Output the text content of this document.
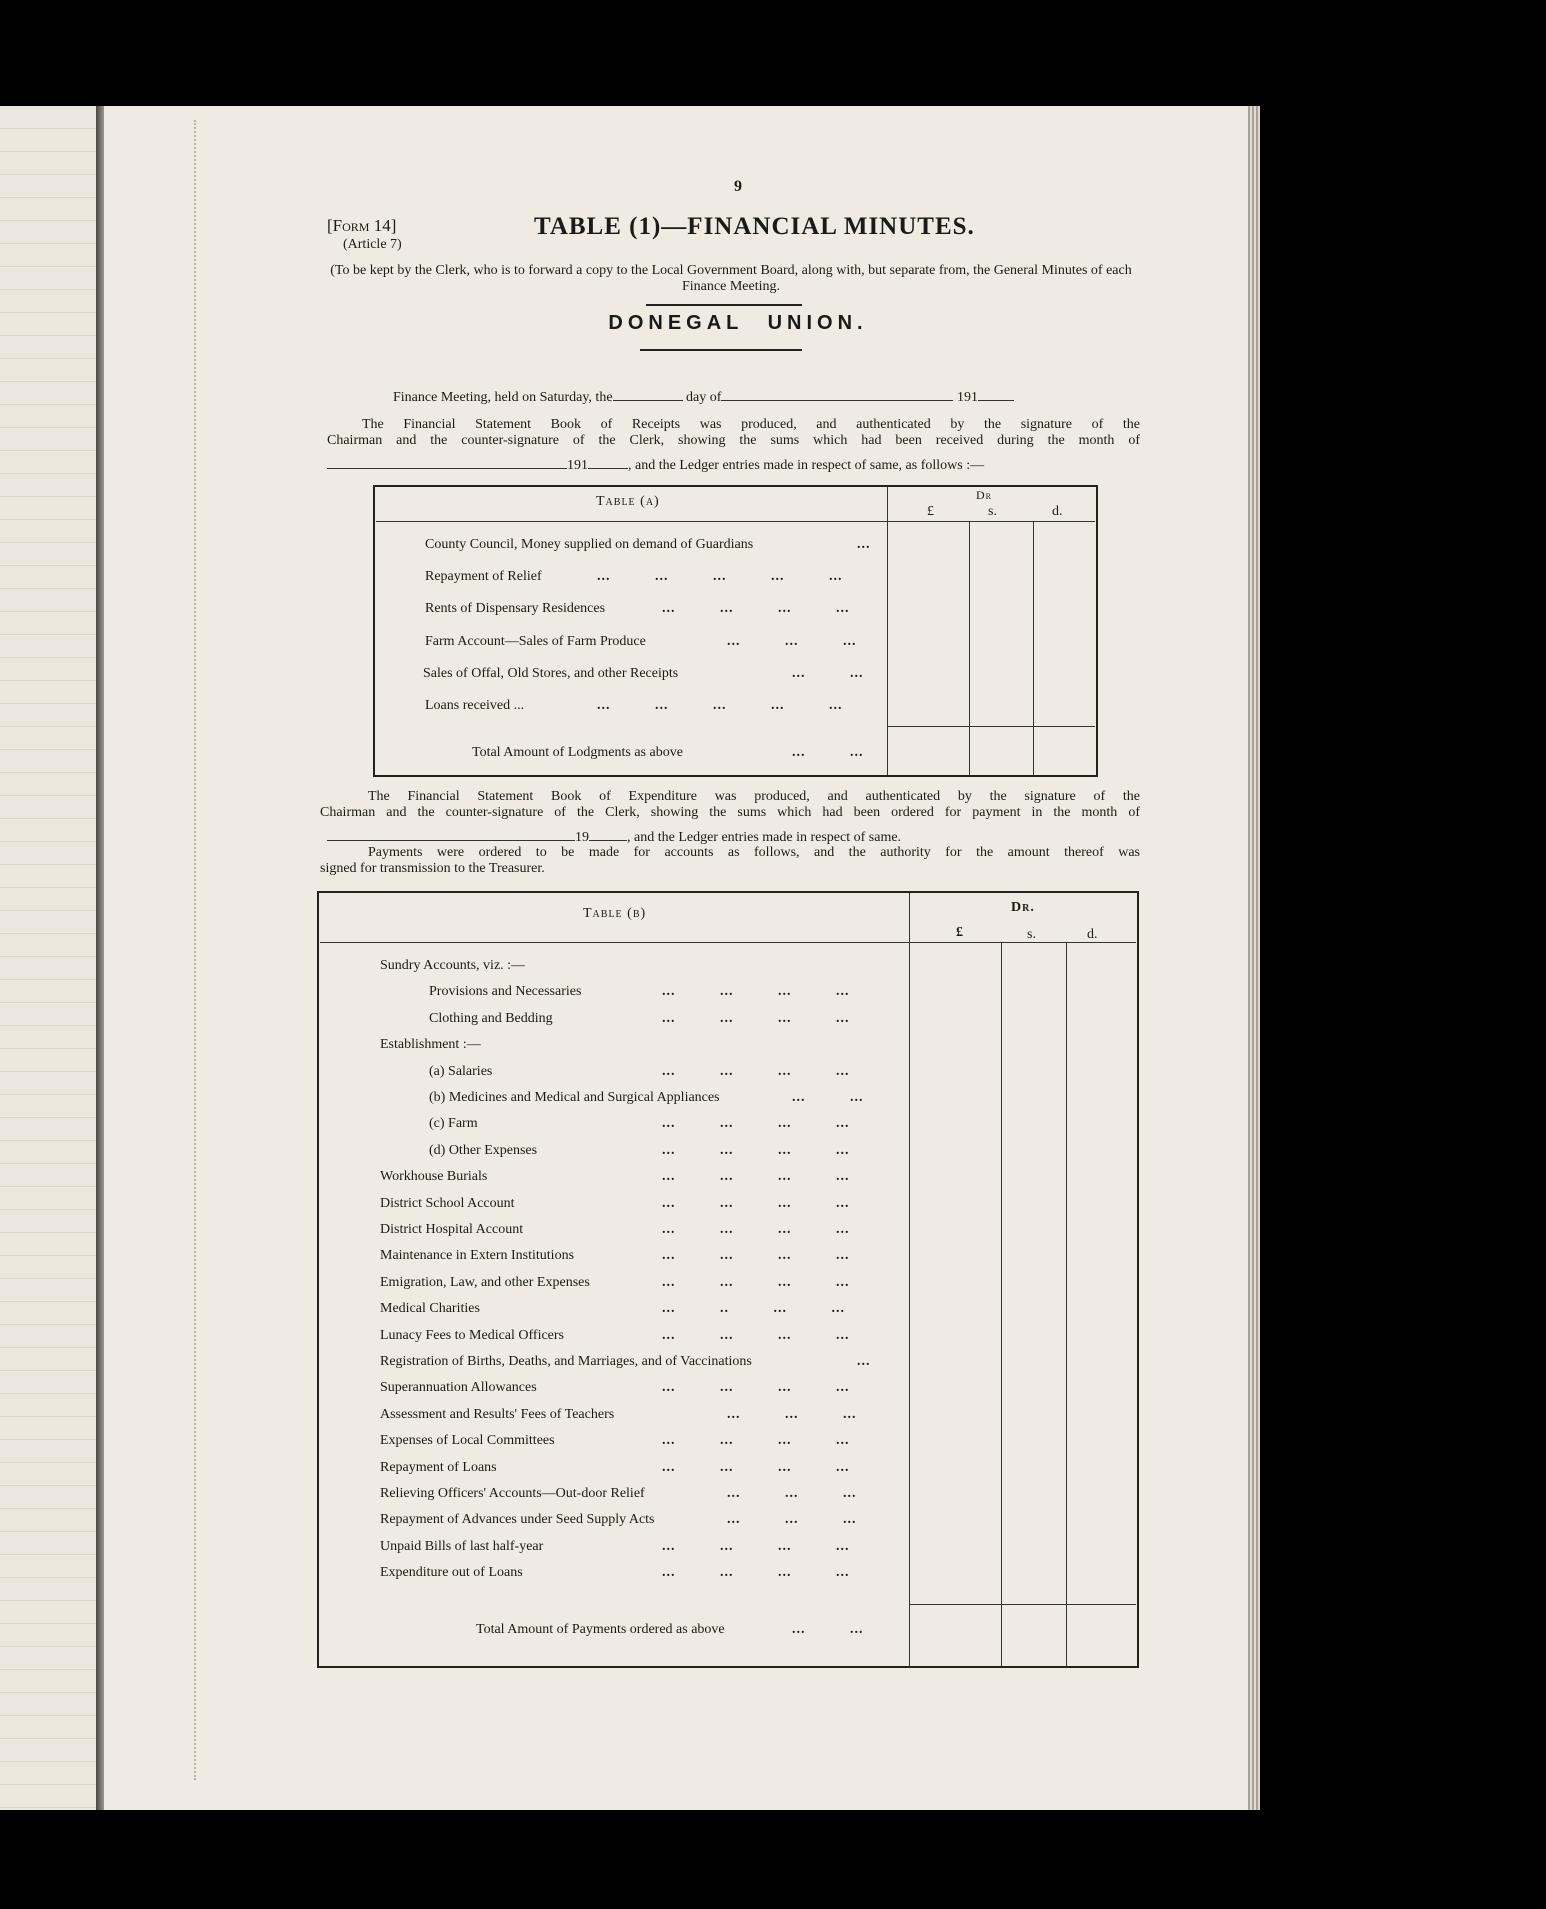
9
[Form 14]
(Article 7)
TABLE (1)—FINANCIAL MINUTES.
(To be kept by the Clerk, who is to forward a copy to the Local Government Board, along with, but separate from, the General Minutes of each Finance Meeting.
DONEGAL UNION.
Finance Meeting, held on Saturday, the	day of	191
The Financial Statement Book of Receipts was produced, and authenticated by the signature of the
Chairman and the counter-signature of the Clerk, showing the sums which had been received during the month of
191	, and the Ledger entries made in respect of same, as follows :—
Table (a)	Dr
£	s.	d.
County Council, Money supplied on demand of Guardians	...
Repayment of Relief	... ... ... ... ...
Rents of Dispensary Residences	... ... ... ...
Farm Account—Sales of Farm Produce	... ... ...
Sales of Offal, Old Stores, and other Receipts	... ...
Loans received ...	... ... ... ... ...
Total Amount of Lodgments as above	... ...
The Financial Statement Book of Expenditure was produced, and authenticated by the signature of the
Chairman and the counter-signature of the Clerk, showing the sums which had been ordered for payment in the month of
19	, and the Ledger entries made in respect of same.
Payments were ordered to be made for accounts as follows, and the authority for the amount thereof was
signed for transmission to the Treasurer.
Table (b)	Dr.
£	s.	d.
Sundry Accounts, viz. :—
Provisions and Necessaries	... ... ... ...
Clothing and Bedding	... ... ... ...
Establishment :—
(a) Salaries	... ... ... ...
(b) Medicines and Medical and Surgical Appliances	... ...
(c) Farm	... ... ... ...
(d) Other Expenses	... ... ... ...
Workhouse Burials	... ... ... ...
District School Account	... ... ... ...
District Hospital Account	... ... ... ...
Maintenance in Extern Institutions	... ... ... ...
Emigration, Law, and other Expenses	... ... ... ...
Medical Charities	... .. ... ...
Lunacy Fees to Medical Officers	... ... ... ...
Registration of Births, Deaths, and Marriages, and of Vaccinations	...
Superannuation Allowances	... ... ... ...
Assessment and Results' Fees of Teachers	... ... ...
Expenses of Local Committees	... ... ... ...
Repayment of Loans	... ... ... ...
Relieving Officers' Accounts—Out-door Relief	... ... ...
Repayment of Advances under Seed Supply Acts	... ... ...
Unpaid Bills of last half-year	... ... ... ...
Expenditure out of Loans	... ... ... ...
Total Amount of Payments ordered as above	... ...
